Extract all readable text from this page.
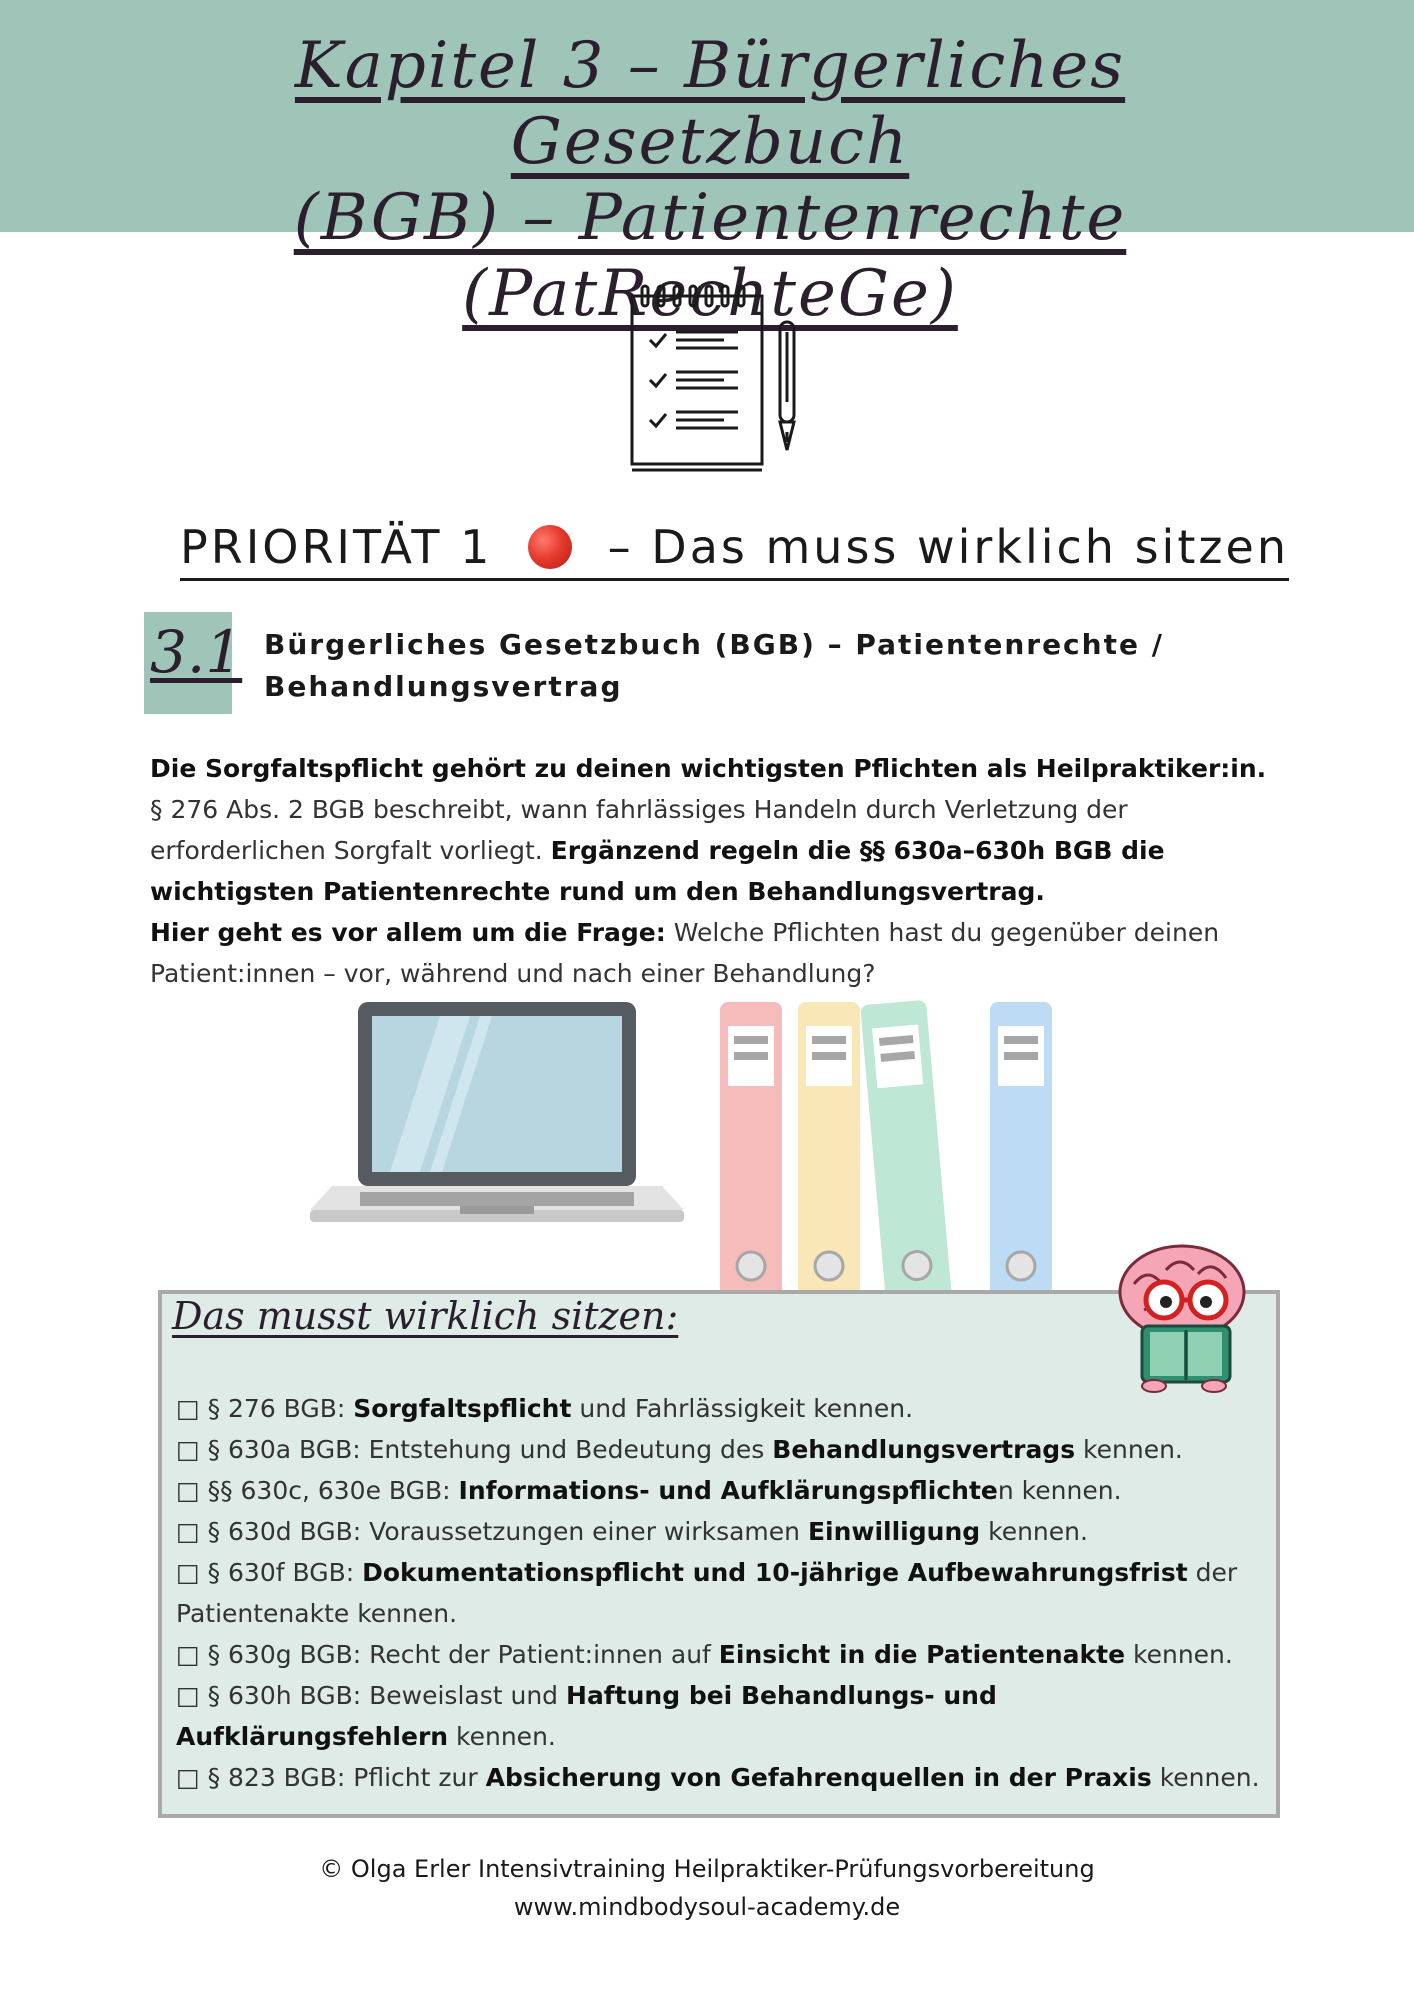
Kapitel 3 – Bürgerliches Gesetzbuch
(BGB) – Patientenrechte (PatRechteGe)
PRIORITÄT 1 – Das muss wirklich sitzen
3.1 Bürgerliches Gesetzbuch (BGB) – Patientenrechte /
Behandlungsvertrag
Die Sorgfaltspflicht gehört zu deinen wichtigsten Pflichten als Heilpraktiker:in. § 276 Abs. 2 BGB beschreibt, wann fahrlässiges Handeln durch Verletzung der erforderlichen Sorgfalt vorliegt. Ergänzend regeln die §§ 630a–630h BGB die wichtigsten Patientenrechte rund um den Behandlungsvertrag.
Hier geht es vor allem um die Frage: Welche Pflichten hast du gegenüber deinen Patient:innen – vor, während und nach einer Behandlung?
Das musst wirklich sitzen:
□ § 276 BGB: Sorgfaltspflicht und Fahrlässigkeit kennen.
□ § 630a BGB: Entstehung und Bedeutung des Behandlungsvertrags kennen.
□ §§ 630c, 630e BGB: Informations- und Aufklärungspflichten kennen.
□ § 630d BGB: Voraussetzungen einer wirksamen Einwilligung kennen.
□ § 630f BGB: Dokumentationspflicht und 10-jährige Aufbewahrungsfrist der Patientenakte kennen.
□ § 630g BGB: Recht der Patient:innen auf Einsicht in die Patientenakte kennen.
□ § 630h BGB: Beweislast und Haftung bei Behandlungs- und Aufklärungsfehlern kennen.
□ § 823 BGB: Pflicht zur Absicherung von Gefahrenquellen in der Praxis kennen.
© Olga Erler Intensivtraining Heilpraktiker-Prüfungsvorbereitung
www.mindbodysoul-academy.de
